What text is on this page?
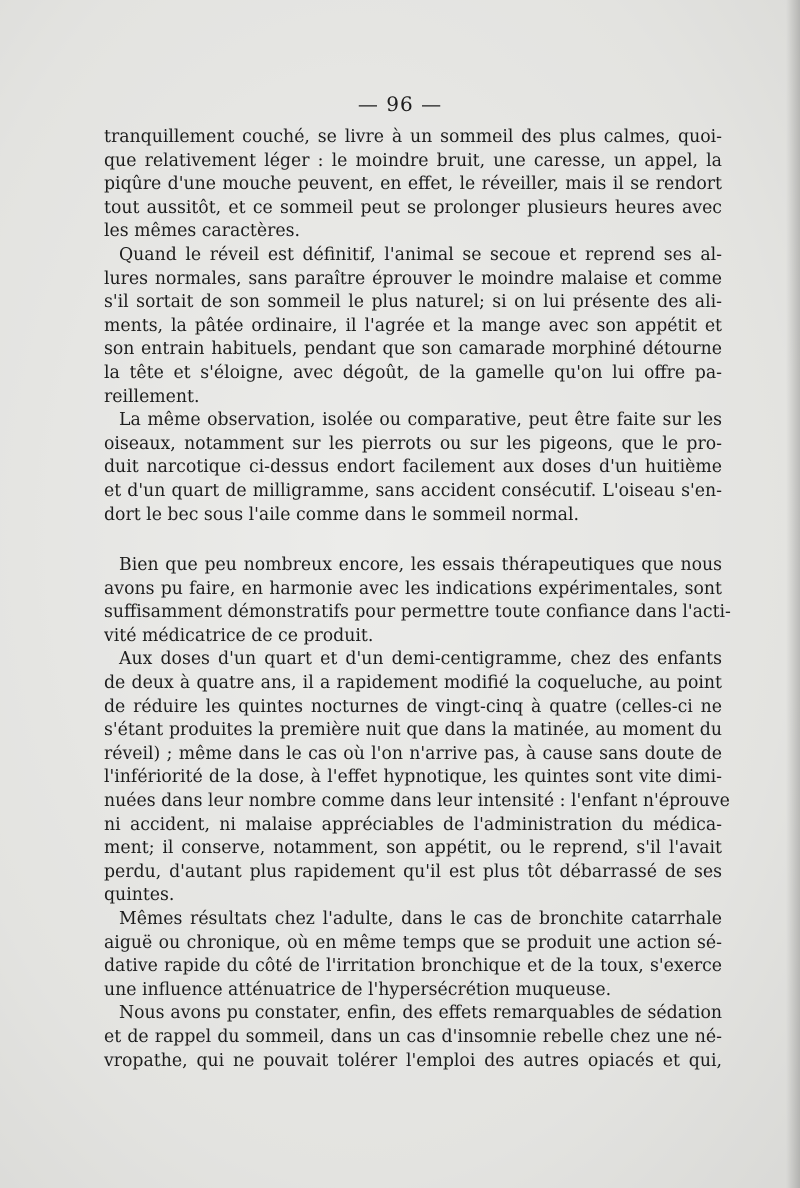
— 96 —
tranquillement couché, se livre à un sommeil des plus calmes, quoi-
que relativement léger : le moindre bruit, une caresse, un appel, la
piqûre d'une mouche peuvent, en effet, le réveiller, mais il se rendort
tout aussitôt, et ce sommeil peut se prolonger plusieurs heures avec
les mêmes caractères.
Quand le réveil est définitif, l'animal se secoue et reprend ses al-
lures normales, sans paraître éprouver le moindre malaise et comme
s'il sortait de son sommeil le plus naturel; si on lui présente des ali-
ments, la pâtée ordinaire, il l'agrée et la mange avec son appétit et
son entrain habituels, pendant que son camarade morphiné détourne
la tête et s'éloigne, avec dégoût, de la gamelle qu'on lui offre pa-
reillement.
La même observation, isolée ou comparative, peut être faite sur les
oiseaux, notamment sur les pierrots ou sur les pigeons, que le pro-
duit narcotique ci-dessus endort facilement aux doses d'un huitième
et d'un quart de milligramme, sans accident consécutif. L'oiseau s'en-
dort le bec sous l'aile comme dans le sommeil normal.
Bien que peu nombreux encore, les essais thérapeutiques que nous
avons pu faire, en harmonie avec les indications expérimentales, sont
suffisamment démonstratifs pour permettre toute confiance dans l'acti-
vité médicatrice de ce produit.
Aux doses d'un quart et d'un demi-centigramme, chez des enfants
de deux à quatre ans, il a rapidement modifié la coqueluche, au point
de réduire les quintes nocturnes de vingt-cinq à quatre (celles-ci ne
s'étant produites la première nuit que dans la matinée, au moment du
réveil) ; même dans le cas où l'on n'arrive pas, à cause sans doute de
l'infériorité de la dose, à l'effet hypnotique, les quintes sont vite dimi-
nuées dans leur nombre comme dans leur intensité : l'enfant n'éprouve
ni accident, ni malaise appréciables de l'administration du médica-
ment; il conserve, notamment, son appétit, ou le reprend, s'il l'avait
perdu, d'autant plus rapidement qu'il est plus tôt débarrassé de ses
quintes.
Mêmes résultats chez l'adulte, dans le cas de bronchite catarrhale
aiguë ou chronique, où en même temps que se produit une action sé-
dative rapide du côté de l'irritation bronchique et de la toux, s'exerce
une influence atténuatrice de l'hypersécrétion muqueuse.
Nous avons pu constater, enfin, des effets remarquables de sédation
et de rappel du sommeil, dans un cas d'insomnie rebelle chez une né-
vropathe, qui ne pouvait tolérer l'emploi des autres opiacés et qui,
